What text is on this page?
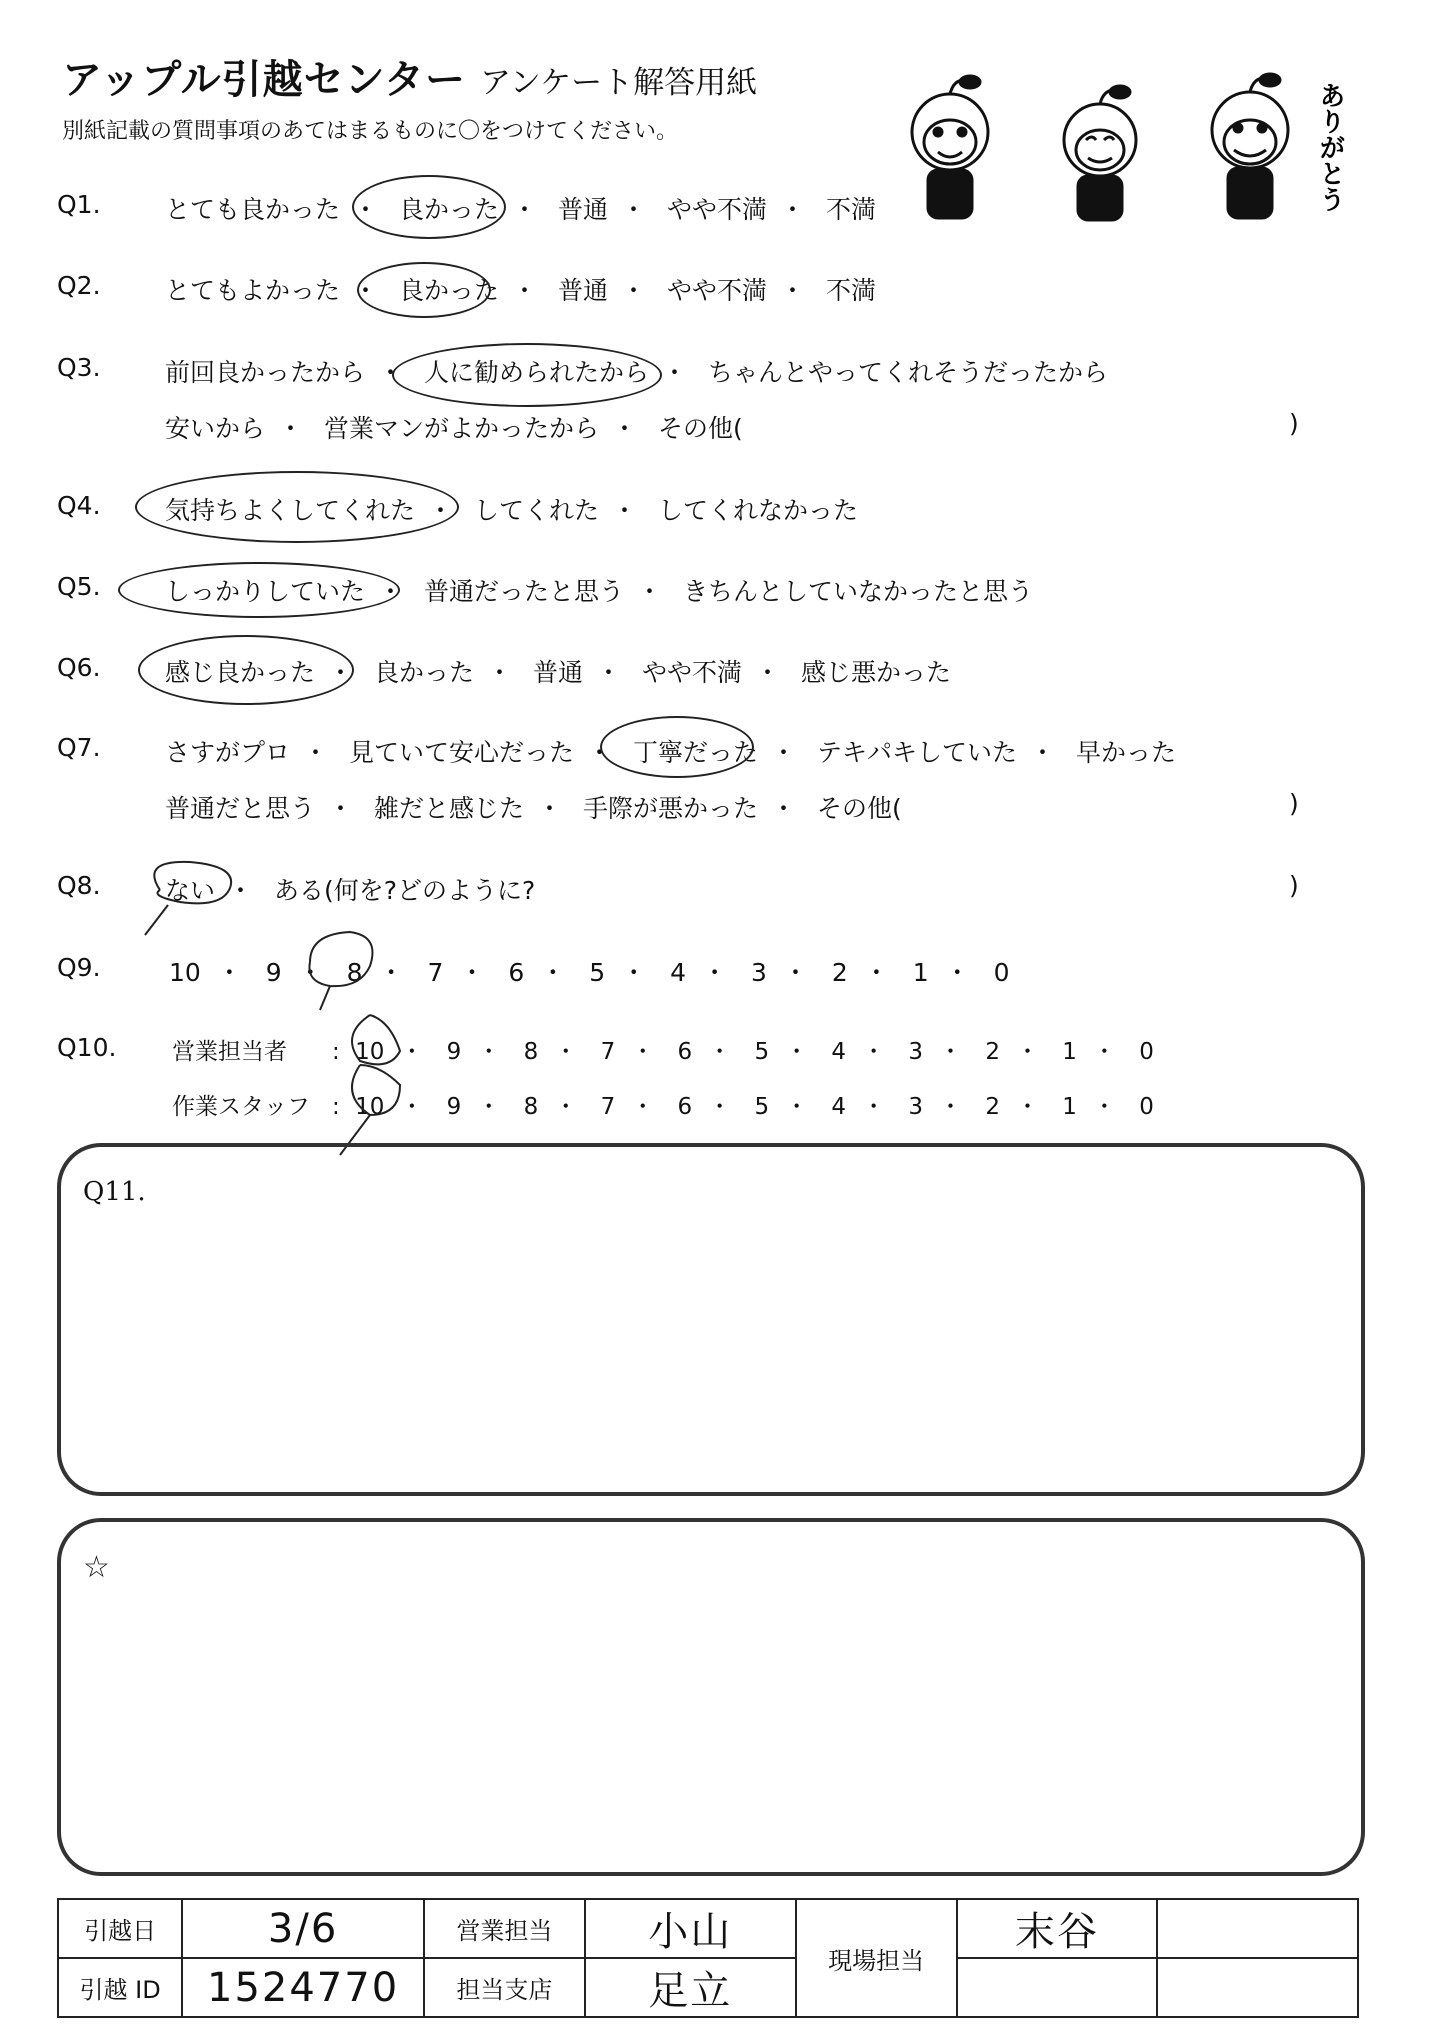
アップル引越センター アンケート解答用紙
別紙記載の質問事項のあてはまるものに〇をつけてください。	ありがとう
Q1.	とても良かった ・ 良かった ・ 普通 ・ やや不満 ・ 不満
Q2.	とてもよかった ・ 良かった ・ 普通 ・ やや不満 ・ 不満
Q3.	前回良かったから ・ 人に勧められたから ・ ちゃんとやってくれそうだったから
安いから ・ 営業マンがよかったから ・ その他(	)
Q4.	気持ちよくしてくれた ・ してくれた ・ してくれなかった
Q5.	しっかりしていた ・ 普通だったと思う ・ きちんとしていなかったと思う
Q6.	感じ良かった ・ 良かった ・ 普通 ・ やや不満 ・ 感じ悪かった
Q7.	さすがプロ ・ 見ていて安心だった ・ 丁寧だった ・ テキパキしていた ・ 早かった
普通だと思う ・ 雑だと感じた ・ 手際が悪かった ・ その他(	)
Q8.	ない ・ ある(何を?どのように?	)
Q9.	10 ・ 9 ・ 8 ・ 7 ・ 6 ・ 5 ・ 4 ・ 3 ・ 2 ・ 1 ・ 0
Q10. 営業担当者 : 10 ・ 9 ・ 8 ・ 7 ・ 6 ・ 5 ・ 4 ・ 3 ・ 2 ・ 1 ・ 0
作業スタッフ : 10 ・ 9 ・ 8 ・ 7 ・ 6 ・ 5 ・ 4 ・ 3 ・ 2 ・ 1 ・ 0
Q11.
☆
引越日	3/6	営業担当	小山	現場担当	末谷	
引越 ID	1524770	担当支店	足立			
